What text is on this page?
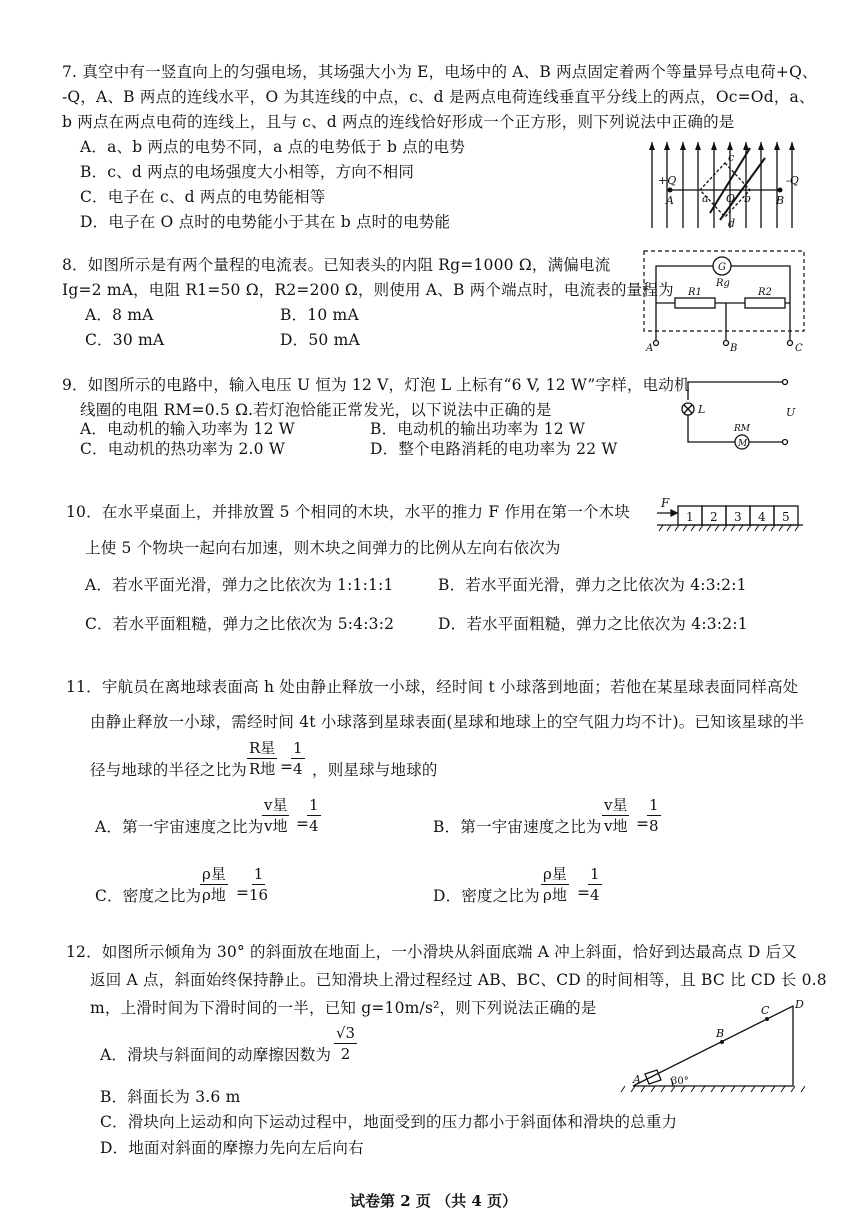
7. 真空中有一竖直向上的匀强电场，其场强大小为 E，电场中的 A、B 两点固定着两个等量异号点电荷+Q、
-Q，A、B 两点的连线水平，O 为其连线的中点，c、d 是两点电荷连线垂直平分线上的两点，Oc=Od，a、
b 两点在两点电荷的连线上，且与 c、d 两点的连线恰好形成一个正方形，则下列说法中正确的是
A．a、b 两点的电势不同，a 点的电势低于 b 点的电势
B．c、d 两点的电场强度大小相等，方向不相同
C．电子在 c、d 两点的电势能相等
D．电子在 O 点时的电势能小于其在 b 点时的电势能
+Q	-Q
A	B
a O b
c
d
8．如图所示是有两个量程的电流表。已知表头的内阻 Rg=1000 Ω，满偏电流
Ig=2 mA，电阻 R1=50 Ω，R2=200 Ω，则使用 A、B 两个端点时，电流表的量程为
A．8 mA	B．10 mA
C．30 mA	D．50 mA
G
Rg
R1	R2
A	B	C
9．如图所示的电路中，输入电压 U 恒为 12 V，灯泡 L 上标有“6 V, 12 W”字样，电动机
线圈的电阻 RM=0.5 Ω.若灯泡恰能正常发光，以下说法中正确的是
A．电动机的输入功率为 12 W	B．电动机的输出功率为 12 W
C．电动机的热功率为 2.0 W	D．整个电路消耗的电功率为 22 W
L	U
RM
M
10．在水平桌面上，并排放置 5 个相同的木块，水平的推力 F 作用在第一个木块
上使 5 个物块一起向右加速，则木块之间弹力的比例从左向右依次为
A．若水平面光滑，弹力之比依次为 1:1:1:1	B．若水平面光滑，弹力之比依次为 4:3:2:1
C．若水平面粗糙，弹力之比依次为 5:4:3:2	D．若水平面粗糙，弹力之比依次为 4:3:2:1
F
1 2 3 4 5
11．宇航员在离地球表面高 h 处由静止释放一小球，经时间 t 小球落到地面；若他在某星球表面同样高处
由静止释放一小球，需经时间 4t 小球落到星球表面(星球和地球上的空气阻力均不计)。已知该星球的半
径与地球的半径之比为
R星
R地 =
$\frac{1}{4}$ ，则星球与地球的
A．第一宇宙速度之比为
v星
v地 =
$\frac{1}{4}$	B．第一宇宙速度之比为
v星
v地 =
$\frac{1}{8}$
C．密度之比为
ρ星
ρ地 =
$\frac{1}{16}$	D．密度之比为
ρ星
ρ地 =
$\frac{1}{4}$
12．如图所示倾角为 30° 的斜面放在地面上，一小滑块从斜面底端 A 冲上斜面，恰好到达最高点 D 后又
返回 A 点，斜面始终保持静止。已知滑块上滑过程经过 AB、BC、CD 的时间相等，且 BC 比 CD 长 0.8
m，上滑时间为下滑时间的一半，已知 g=10m/s²，则下列说法正确的是
A．滑块与斜面间的动摩擦因数为 $\frac{√3}{2}$
B．斜面长为 3.6 m
C．滑块向上运动和向下运动过程中，地面受到的压力都小于斜面体和滑块的总重力
D．地面对斜面的摩擦力先向左后向右
A
B
C D
30°
试卷第 2 页 （共 4 页）
